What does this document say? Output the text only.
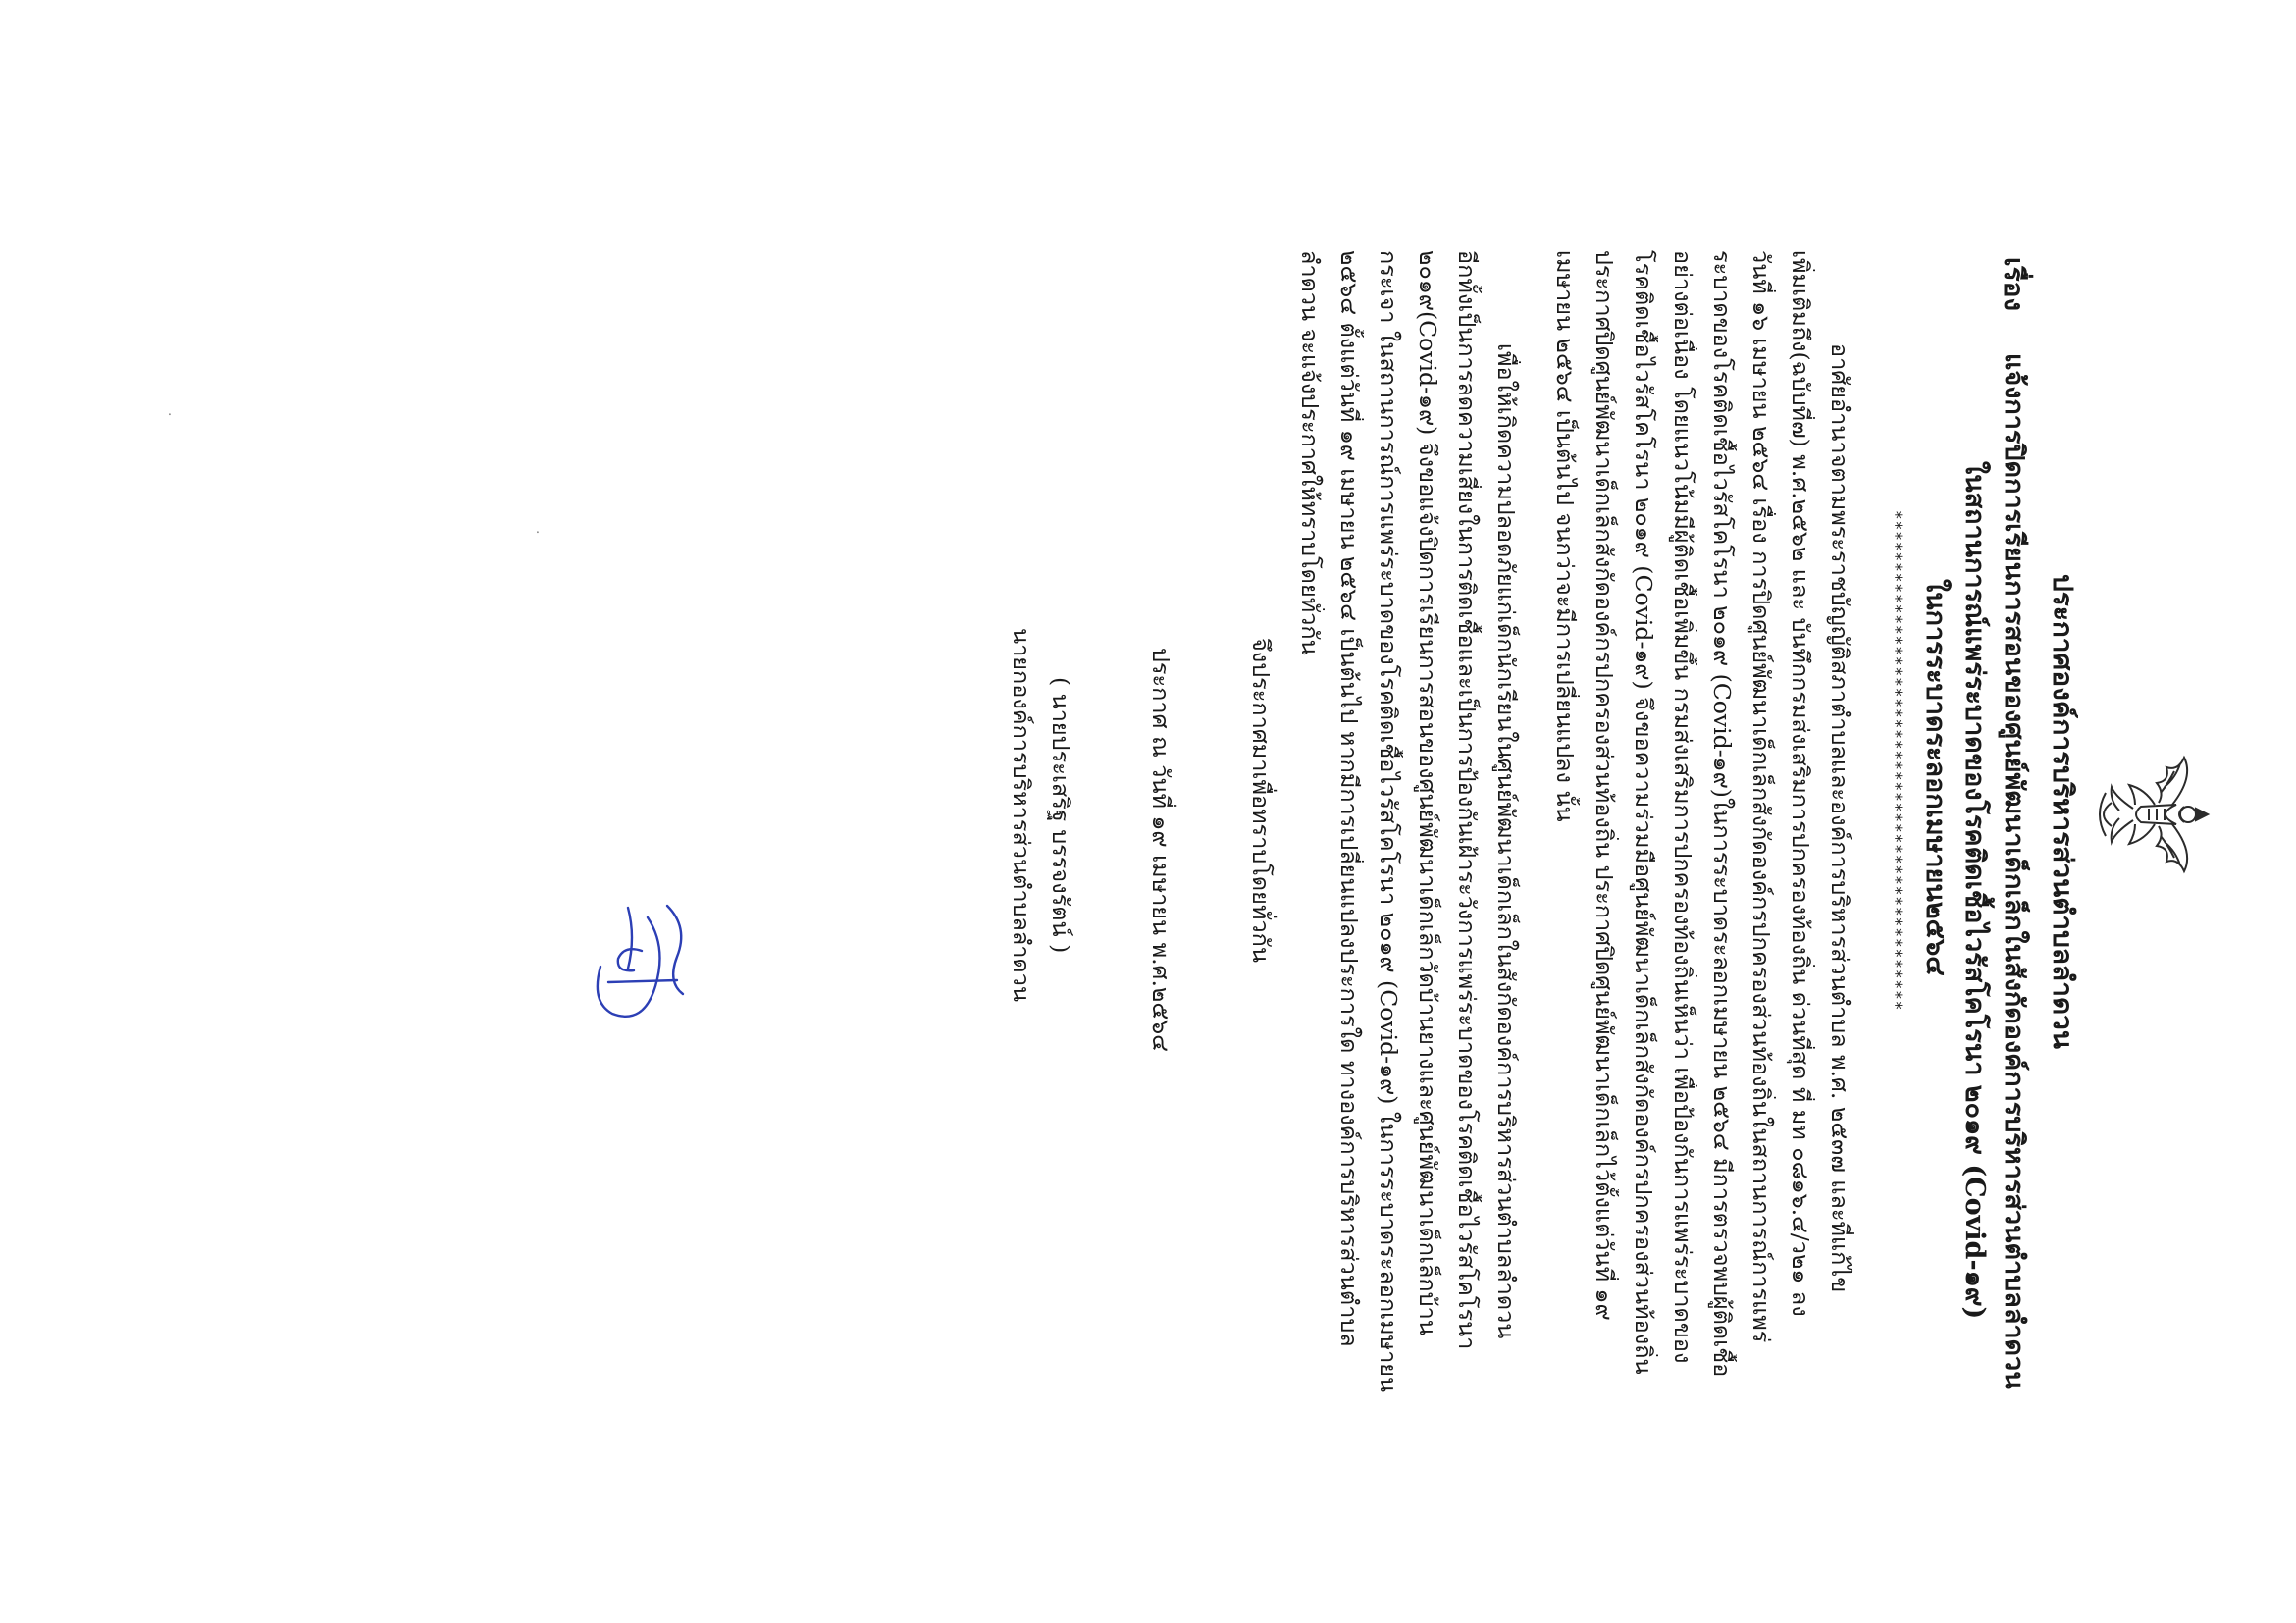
ประกาศองค์การบริหารส่วนตำบลลำดวน
เรื่อง
แจ้งการปิดการเรียนการสอนของศูนย์พัฒนาเด็กเล็กในสังกัดองค์การบริหารส่วนตำบลลำดวน
ในสถานการณ์แพร่ระบาดของโรคติดเชื้อไวรัสโคโรนา ๒๐๑๙ (Covid-๑๙)
ในการระบาดระลอกเมษายน๒๕๖๔
************************************************
อาศัยอำนาจตามพระราชบัญญัติสภาตำบลและองค์การบริหารส่วนตำบล พ.ศ. ๒๕๓๗ และที่แก้ไข
เพิ่มเติมถึง(ฉบับที่๗) พ.ศ.๒๕๖๒ และ บันทึกกรมส่งเสริมการปกครองท้องถิ่น ด่วนที่สุด ที่ มท ๐๘๑๖.๔/ว๒๑ ลง
วันที่ ๑๖ เมษายน ๒๕๖๔ เรื่อง การปิดศูนย์พัฒนาเด็กเล็กสังกัดองค์กรปกครองส่วนท้องถิ่นในสถานการณ์การแพร่
ระบาดของโรคติดเชื้อไวรัสโคโรนา ๒๐๑๙ (Covid-๑๙)ในการระบาดระลอกเมษายน ๒๕๖๔ มีการตรวจพบผู้ติดเชื้อ
อย่างต่อเนื่อง โดยแนวโน้มมีผู้ติดเชื้อเพิ่มขึ้น กรมส่งเสริมการปกครองท้องถิ่นเห็นว่า เพื่อป้องกันการแพร่ระบาดของ
โรคติดเชื้อไวรัสโคโรนา ๒๐๑๙ (Covid-๑๙) จึงขอความร่วมมือศูนย์พัฒนาเด็กเล็กสังกัดองค์กรปกครองส่วนท้องถิ่น
ประกาศปิดศูนย์พัฒนาเด็กเล็กสังกัดองค์กรปกครองส่วนท้องถิ่น ประกาศปิดศูนย์พัฒนาเด็กเล็กไว้ตั้งแต่วันที่ ๑๙
เมษายน ๒๕๖๔ เป็นต้นไป จนกว่าจะมีการเปลี่ยนแปลง นั้น
เพื่อให้เกิดความปลอดภัยแก่เด็กนักเรียนในศูนย์พัฒนาเด็กเล็กในสังกัดองค์การบริหารส่วนตำบลลำดวน
อีกทั้งเป็นการลดความเสี่ยงในการติดเชื้อและเป็นการป้องกันเฝ้าระวังการแพร่ระบาดของโรคติดเชื้อไวรัสโคโรนา
๒๐๑๙(Covid-๑๙) จึงขอแจ้งปิดการเรียนการสอนของศูนย์พัฒนาเด็กเล็กวัดบ้านยางและศูนย์พัฒนาเด็กเล็กบ้าน
กระเจา ในสถานการณ์การแพร่ระบาดของโรคติดเชื้อไวรัสโคโรนา ๒๐๑๙ (Covid-๑๙) ในการระบาดระลอกเมษายน
๒๕๖๔ ตั้งแต่วันที่ ๑๙ เมษายน ๒๕๖๔ เป็นต้นไป หากมีการเปลี่ยนแปลงประการใด ทางองค์การบริหารส่วนตำบล
ลำดวน จะแจ้งประกาศให้ทราบโดยทั่วกัน
จึงประกาศมาเพื่อทราบโดยทั่วกัน
ประกาศ ณ วันที่ ๑๙ เมษายน พ.ศ.๒๕๖๔
( นายประเสริฐ บรรจงรัตน์ )
นายกองค์การบริหารส่วนตำบลลำดวน
·
·
